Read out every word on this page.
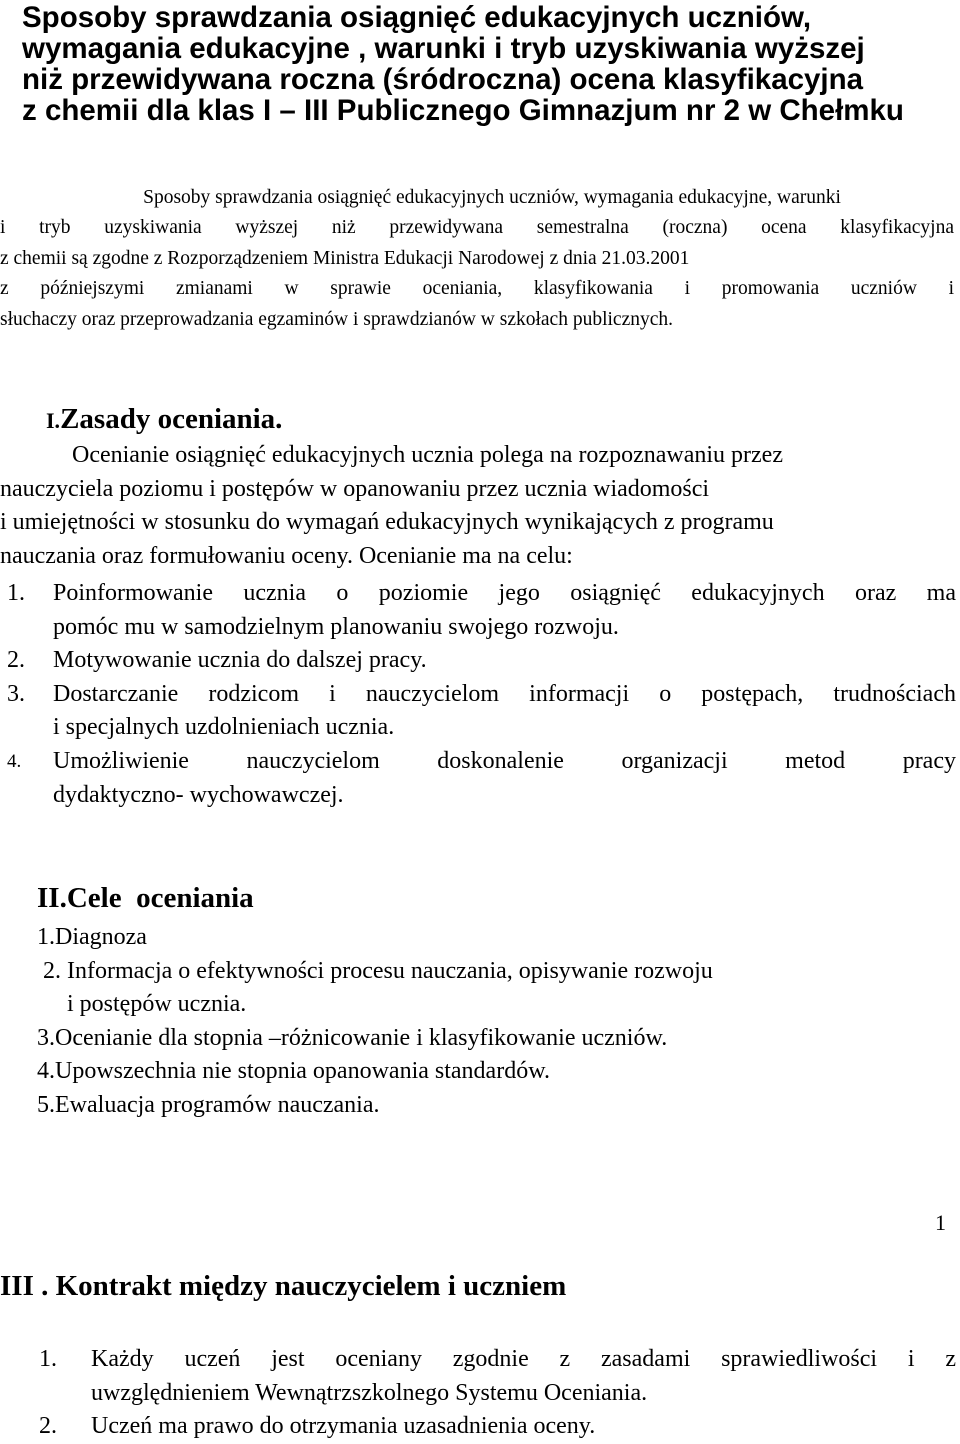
Sposoby sprawdzania osiągnięć edukacyjnych uczniów,
wymagania edukacyjne , warunki i tryb uzyskiwania wyższej
niż przewidywana roczna (śródroczna) ocena klasyfikacyjna
z chemii dla klas I – III Publicznego Gimnazjum nr 2 w Chełmku
Sposoby sprawdzania osiągnięć edukacyjnych uczniów, wymagania edukacyjne, warunki
i tryb uzyskiwania wyższej niż przewidywana semestralna (roczna) ocena klasyfikacyjna
z chemii są zgodne z Rozporządzeniem Ministra Edukacji Narodowej z dnia 21.03.2001
z późniejszymi zmianami w sprawie oceniania, klasyfikowania i promowania uczniów i
słuchaczy oraz przeprowadzania egzaminów i sprawdzianów w szkołach publicznych.
I.Zasady oceniania.
Ocenianie osiągnięć edukacyjnych ucznia polega na rozpoznawaniu przez
nauczyciela poziomu i postępów w opanowaniu przez ucznia wiadomości
i umiejętności w stosunku do wymagań edukacyjnych wynikających z programu
nauczania oraz formułowaniu oceny. Ocenianie ma na celu:
1.	Poinformowanie ucznia o poziomie jego osiągnięć edukacyjnych oraz ma
pomóc mu w samodzielnym planowaniu swojego rozwoju.
2.	Motywowanie ucznia do dalszej pracy.
3.	Dostarczanie rodzicom i nauczycielom informacji o postępach, trudnościach
i specjalnych uzdolnieniach ucznia.
4.	Umożliwienie nauczycielom doskonalenie organizacji metod pracy
dydaktyczno- wychowawczej.
II.Cele  oceniania
1.Diagnoza
2. Informacja o efektywności procesu nauczania, opisywanie rozwoju
i postępów ucznia.
3.Ocenianie dla stopnia –różnicowanie i klasyfikowanie uczniów.
4.Upowszechnia nie stopnia opanowania standardów.
5.Ewaluacja programów nauczania.
1
III . Kontrakt między nauczycielem i uczniem
1.	Każdy uczeń jest oceniany zgodnie z zasadami sprawiedliwości i z
uwzględnieniem Wewnątrzszkolnego Systemu Oceniania.
2.	Uczeń ma prawo do otrzymania uzasadnienia oceny.
